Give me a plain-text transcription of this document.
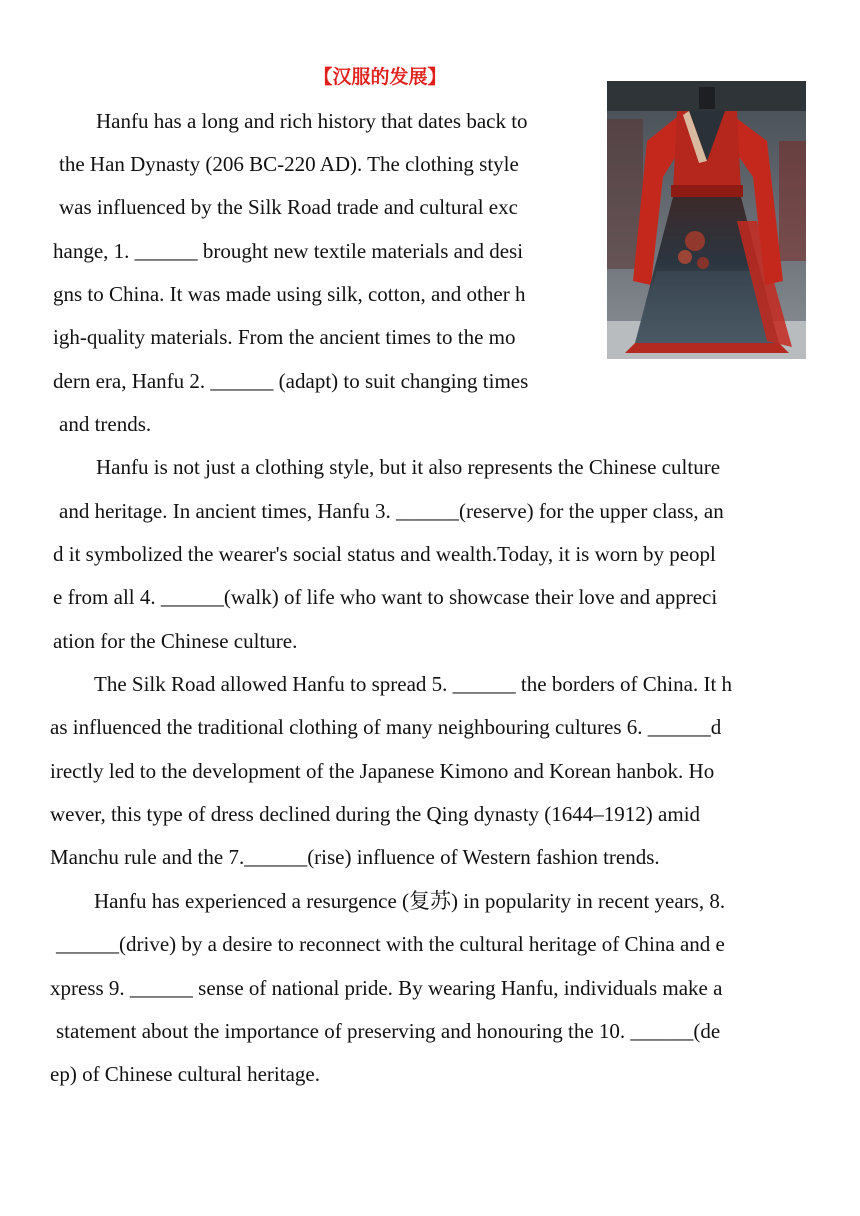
【汉服的发展】
Hanfu has a long and rich history that dates back to
the Han Dynasty (206 BC-220 AD). The clothing style
was influenced by the Silk Road trade and cultural exc
hange, 1. ______ brought new textile materials and desi
gns to China. It was made using silk, cotton, and other h
igh-quality materials. From the ancient times to the mo
dern era, Hanfu 2. ______ (adapt) to suit changing times
and trends.
Hanfu is not just a clothing style, but it also represents the Chinese culture
and heritage. In ancient times, Hanfu 3. ______(reserve) for the upper class, an
d it symbolized the wearer's social status and wealth.Today, it is worn by peopl
e from all 4. ______(walk) of life who want to showcase their love and appreci
ation for the Chinese culture.
The Silk Road allowed Hanfu to spread 5. ______ the borders of China. It h
as influenced the traditional clothing of many neighbouring cultures 6. ______d
irectly led to the development of the Japanese Kimono and Korean hanbok. Ho
wever, this type of dress declined during the Qing dynasty (1644–1912) amid
Manchu rule and the 7.______(rise) influence of Western fashion trends.
Hanfu has experienced a resurgence (复苏) in popularity in recent years, 8.
______(drive) by a desire to reconnect with the cultural heritage of China and e
xpress 9. ______ sense of national pride. By wearing Hanfu, individuals make a
statement about the importance of preserving and honouring the 10. ______(de
ep) of Chinese cultural heritage.
